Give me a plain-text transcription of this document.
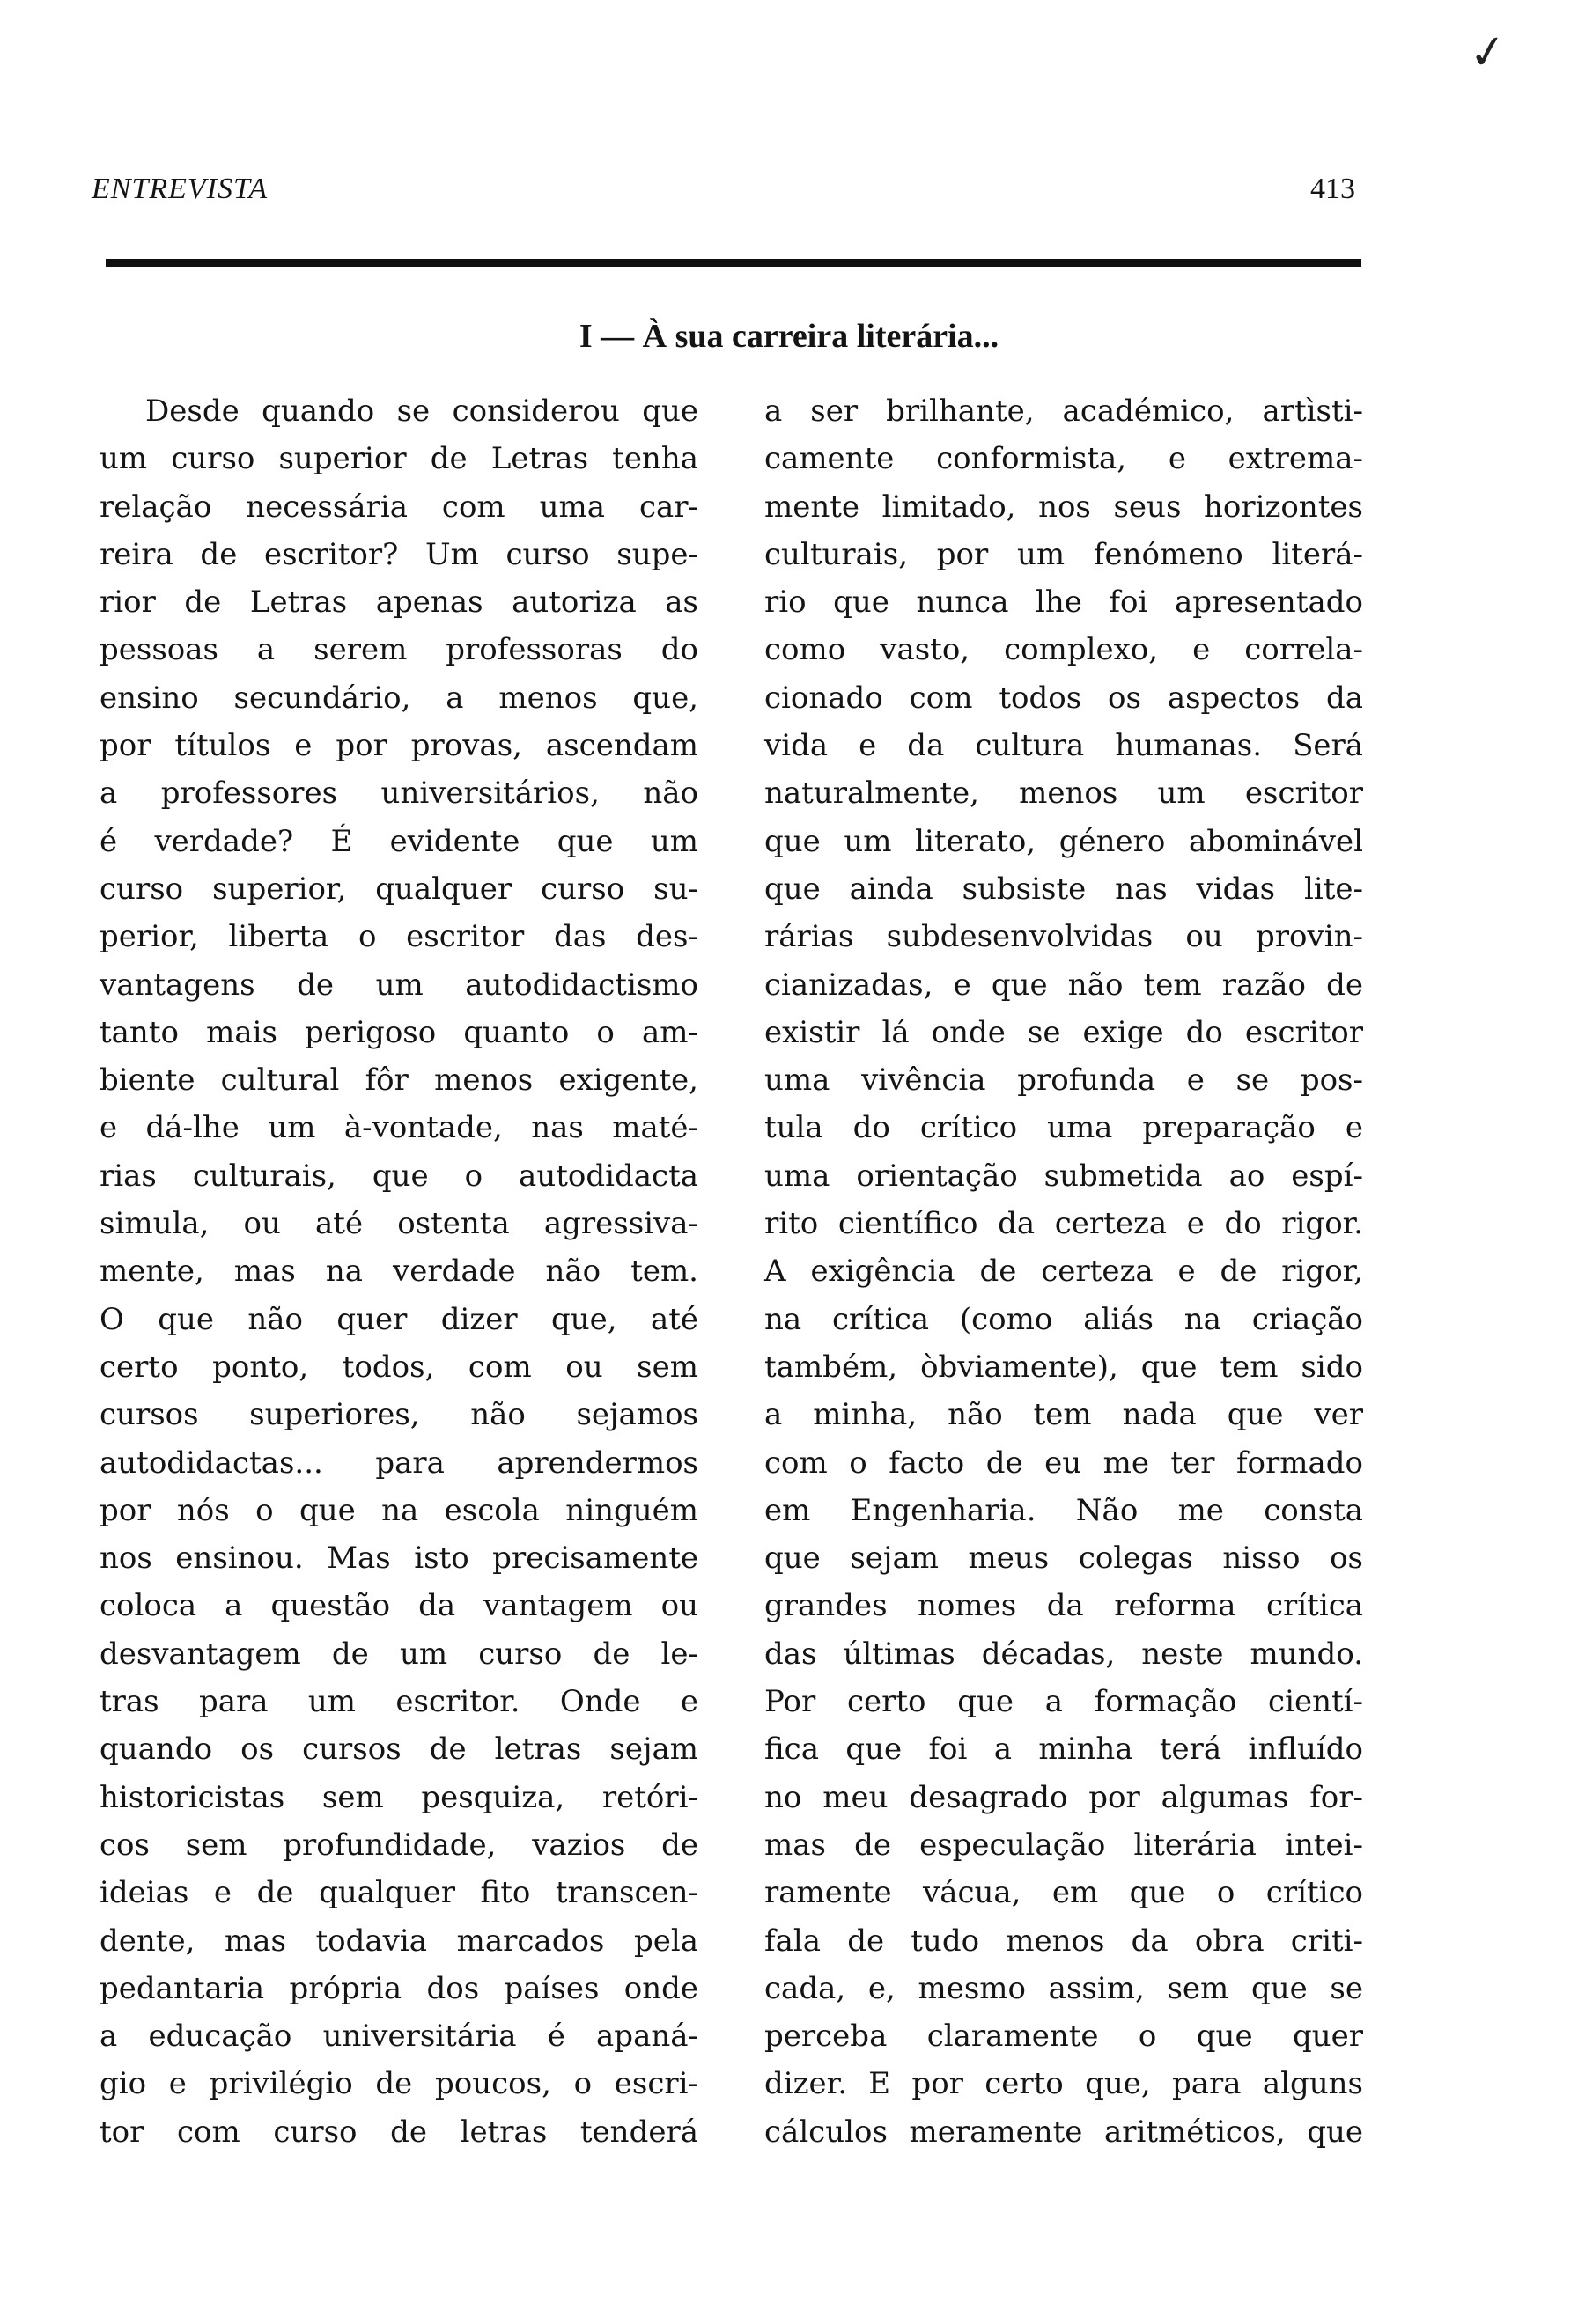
✓
ENTREVISTA	413
I — À sua carreira literária...
Desde quando se considerou que
um curso superior de Letras tenha
relação necessária com uma car-
reira de escritor? Um curso supe-
rior de Letras apenas autoriza as
pessoas a serem professoras do
ensino secundário, a menos que,
por títulos e por provas, ascendam
a professores universitários, não
é verdade? É evidente que um
curso superior, qualquer curso su-
perior, liberta o escritor das des-
vantagens de um autodidactismo
tanto mais perigoso quanto o am-
biente cultural fôr menos exigente,
e dá-lhe um à-vontade, nas maté-
rias culturais, que o autodidacta
simula, ou até ostenta agressiva-
mente, mas na verdade não tem.
O que não quer dizer que, até
certo ponto, todos, com ou sem
cursos superiores, não sejamos
autodidactas... para aprendermos
por nós o que na escola ninguém
nos ensinou. Mas isto precisamente
coloca a questão da vantagem ou
desvantagem de um curso de le-
tras para um escritor. Onde e
quando os cursos de letras sejam
historicistas sem pesquiza, retóri-
cos sem profundidade, vazios de
ideias e de qualquer fito transcen-
dente, mas todavia marcados pela
pedantaria própria dos países onde
a educação universitária é apaná-
gio e privilégio de poucos, o escri-
tor com curso de letras tenderá
a ser brilhante, académico, artìsti-
camente conformista, e extrema-
mente limitado, nos seus horizontes
culturais, por um fenómeno literá-
rio que nunca lhe foi apresentado
como vasto, complexo, e correla-
cionado com todos os aspectos da
vida e da cultura humanas. Será
naturalmente, menos um escritor
que um literato, género abominável
que ainda subsiste nas vidas lite-
rárias subdesenvolvidas ou provin-
cianizadas, e que não tem razão de
existir lá onde se exige do escritor
uma vivência profunda e se pos-
tula do crítico uma preparação e
uma orientação submetida ao espí-
rito científico da certeza e do rigor.
A exigência de certeza e de rigor,
na crítica (como aliás na criação
também, òbviamente), que tem sido
a minha, não tem nada que ver
com o facto de eu me ter formado
em Engenharia. Não me consta
que sejam meus colegas nisso os
grandes nomes da reforma crítica
das últimas décadas, neste mundo.
Por certo que a formação cientí-
fica que foi a minha terá influído
no meu desagrado por algumas for-
mas de especulação literária intei-
ramente vácua, em que o crítico
fala de tudo menos da obra criti-
cada, e, mesmo assim, sem que se
perceba claramente o que quer
dizer. E por certo que, para alguns
cálculos meramente aritméticos, que
